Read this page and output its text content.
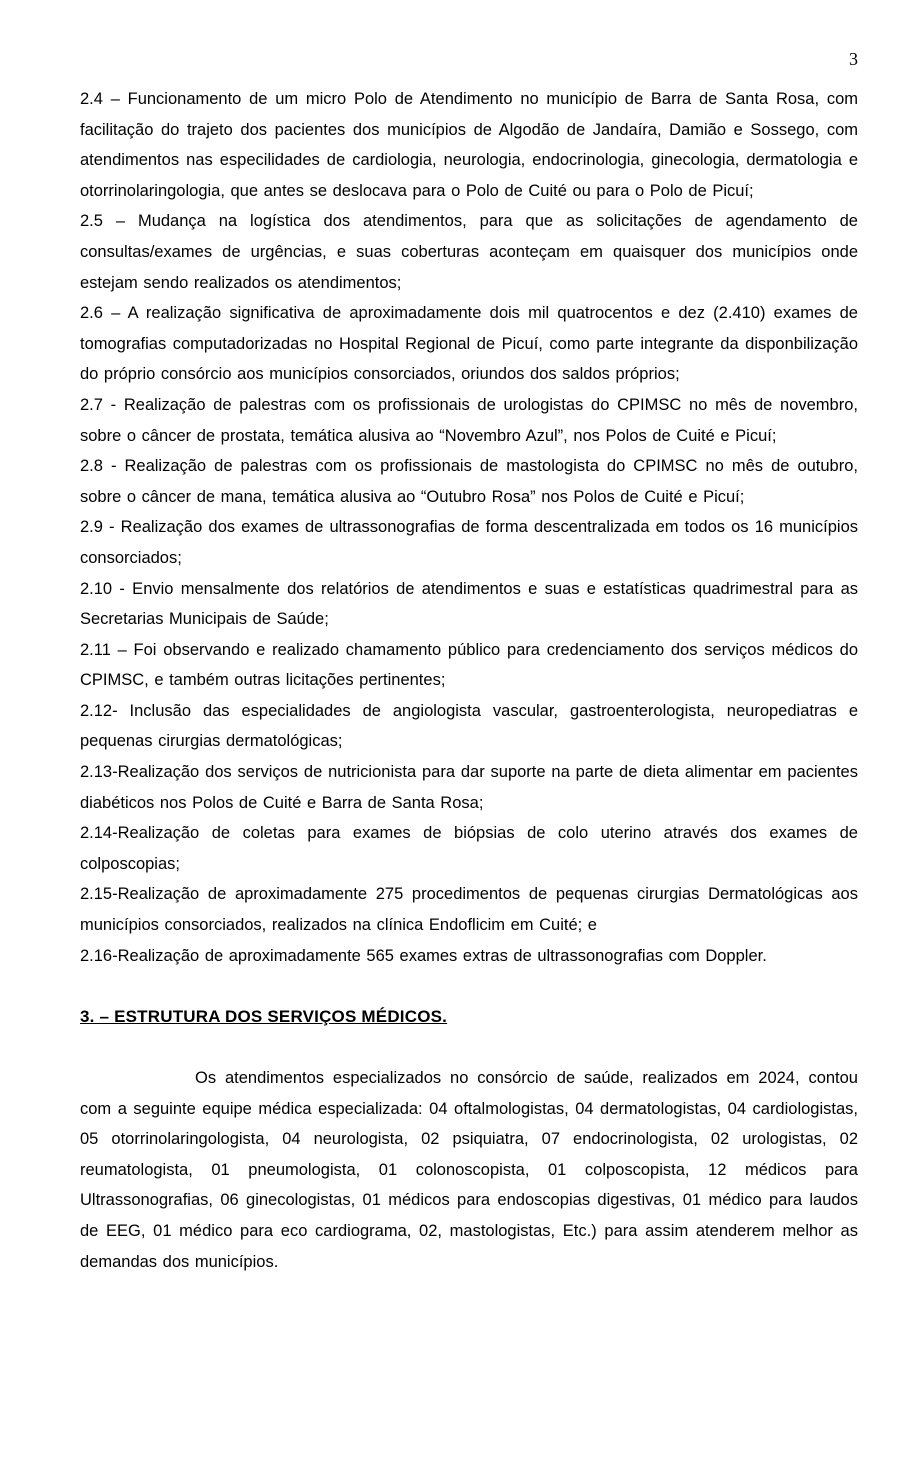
3

2.4 – Funcionamento de um micro Polo de Atendimento no município de Barra de Santa Rosa, com facilitação do trajeto dos pacientes dos municípios de Algodão de Jandaíra, Damião e Sossego, com atendimentos nas especilidades de cardiologia, neurologia, endocrinologia, ginecologia, dermatologia e otorrinolaringologia, que antes se deslocava para o Polo de Cuité ou para o Polo de Picuí;

2.5 – Mudança na logística dos atendimentos, para que as solicitações de agendamento de consultas/exames de urgências, e suas coberturas aconteçam em quaisquer dos municípios onde estejam sendo realizados os atendimentos;

2.6 – A realização significativa de aproximadamente dois mil quatrocentos e dez (2.410) exames de tomografias computadorizadas no Hospital Regional de Picuí, como parte integrante da disponbilização do próprio consórcio aos municípios consorciados, oriundos dos saldos próprios;

2.7 - Realização de palestras com os profissionais de urologistas do CPIMSC no mês de novembro, sobre o câncer de prostata, temática alusiva ao “Novembro Azul”, nos Polos de Cuité e Picuí;

2.8 - Realização de palestras com os profissionais de mastologista do CPIMSC no mês de outubro, sobre o câncer de mana, temática alusiva ao “Outubro Rosa” nos Polos de Cuité e Picuí;

2.9 - Realização dos exames de ultrassonografias de forma descentralizada em todos os 16 municípios consorciados;

2.10 - Envio mensalmente dos relatórios de atendimentos e suas e estatísticas quadrimestral para as Secretarias Municipais de Saúde;

2.11 – Foi observando e realizado chamamento público para credenciamento dos serviços médicos do CPIMSC, e também outras licitações pertinentes;

2.12- Inclusão das especialidades de angiologista vascular, gastroenterologista, neuropediatras e pequenas cirurgias dermatológicas;

2.13-Realização dos serviços de nutricionista para dar suporte na parte de dieta alimentar em pacientes diabéticos nos Polos de Cuité e Barra de Santa Rosa;

2.14-Realização de coletas para exames de biópsias de colo uterino através dos exames de colposcopias;

2.15-Realização de aproximadamente 275 procedimentos de pequenas cirurgias Dermatológicas aos municípios consorciados, realizados na clínica Endoflicim em Cuité; e

2.16-Realização de aproximadamente 565 exames extras de ultrassonografias com Doppler.

3. – ESTRUTURA DOS SERVIÇOS MÉDICOS.

Os atendimentos especializados no consórcio de saúde, realizados em 2024, contou com a seguinte equipe médica especializada: 04 oftalmologistas, 04 dermatologistas, 04 cardiologistas, 05 otorrinolaringologista, 04 neurologista, 02 psiquiatra, 07 endocrinologista, 02 urologistas, 02 reumatologista, 01 pneumologista, 01 colonoscopista, 01 colposcopista, 12 médicos para Ultrassonografias, 06 ginecologistas, 01 médicos para endoscopias digestivas, 01 médico para laudos de EEG, 01 médico para eco cardiograma, 02, mastologistas, Etc.) para assim atenderem melhor as demandas dos municípios.
